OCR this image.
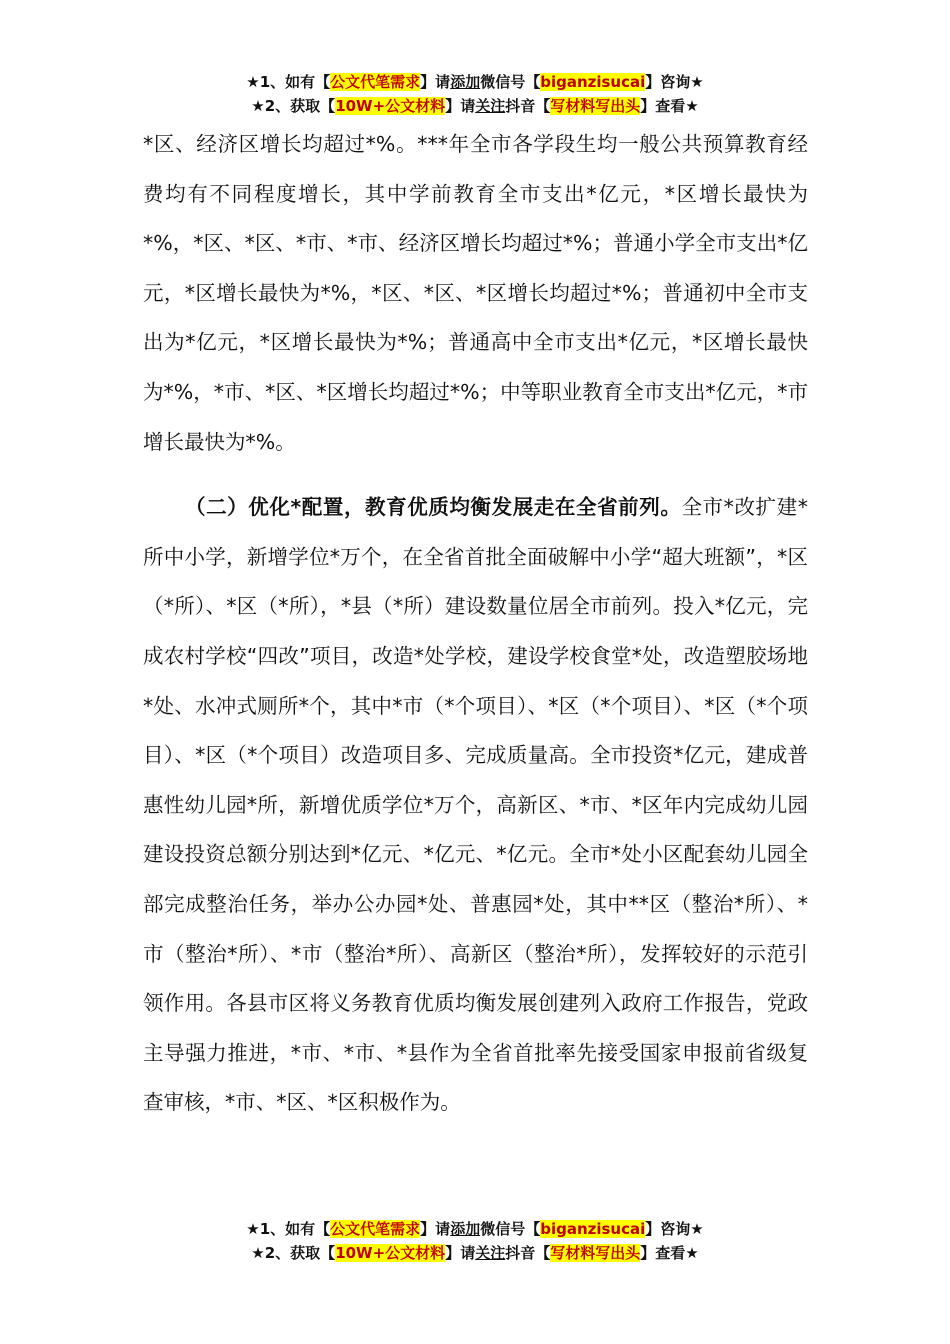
★1、如有【公文代笔需求】请添加微信号【biganzisucai】咨询★
★2、获取【10W+公文材料】请关注抖音【写材料写出头】查看★

*区、经济区增长均超过*%。***年全市各学段生均一般公共预算教育经费均有不同程度增长，其中学前教育全市支出*亿元，*区增长最快为*%，*区、*区、*市、*市、经济区增长均超过*%；普通小学全市支出*亿元，*区增长最快为*%，*区、*区、*区增长均超过*%；普通初中全市支出为*亿元，*区增长最快为*%；普通高中全市支出*亿元，*区增长最快为*%，*市、*区、*区增长均超过*%；中等职业教育全市支出*亿元，*市增长最快为*%。

（二）优化*配置，教育优质均衡发展走在全省前列。全市*改扩建*所中小学，新增学位*万个，在全省首批全面破解中小学“超大班额”，*区（*所）、*区（*所），*县（*所）建设数量位居全市前列。投入*亿元，完成农村学校“四改”项目，改造*处学校，建设学校食堂*处，改造塑胶场地*处、水冲式厕所*个，其中*市（*个项目）、*区（*个项目）、*区（*个项目）、*区（*个项目）改造项目多、完成质量高。全市投资*亿元，建成普惠性幼儿园*所，新增优质学位*万个，高新区、*市、*区年内完成幼儿园建设投资总额分别达到*亿元、*亿元、*亿元。全市*处小区配套幼儿园全部完成整治任务，举办公办园*处、普惠园*处，其中**区（整治*所）、*市（整治*所）、*市（整治*所）、高新区（整治*所），发挥较好的示范引领作用。各县市区将义务教育优质均衡发展创建列入政府工作报告，党政主导强力推进，*市、*市、*县作为全省首批率先接受国家申报前省级复查审核，*市、*区、*区积极作为。

★1、如有【公文代笔需求】请添加微信号【biganzisucai】咨询★
★2、获取【10W+公文材料】请关注抖音【写材料写出头】查看★
